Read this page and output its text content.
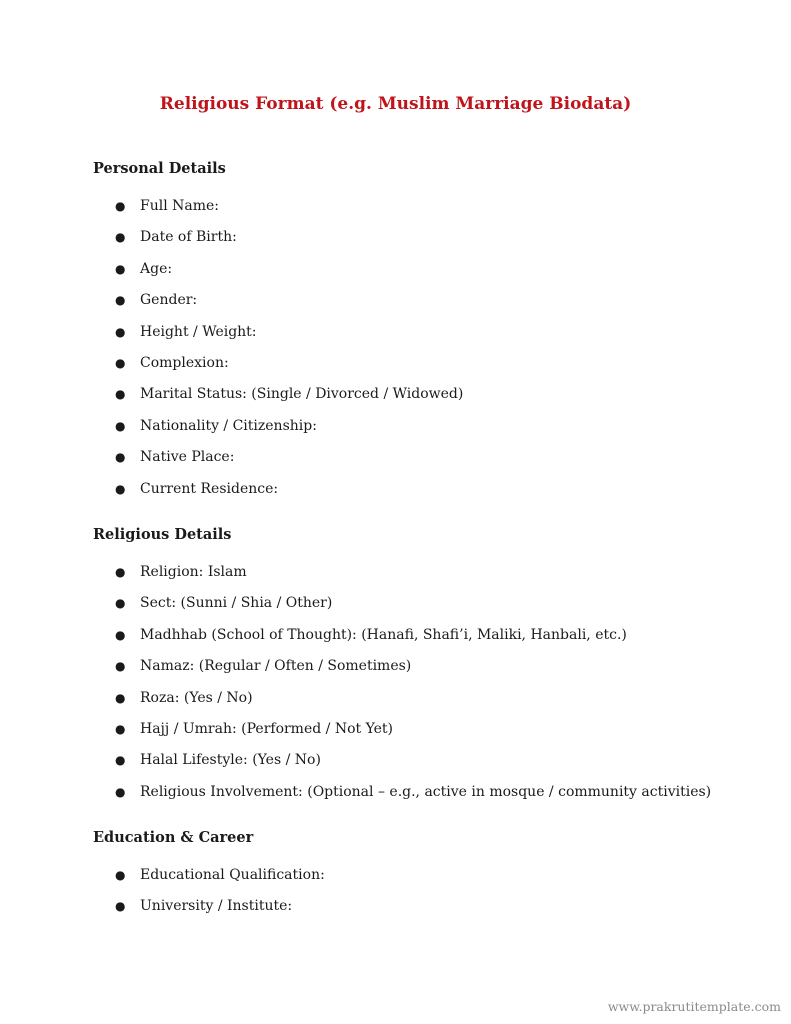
Religious Format (e.g. Muslim Marriage Biodata)
Personal Details
● Full Name:
● Date of Birth:
● Age:
● Gender:
● Height / Weight:
● Complexion:
● Marital Status: (Single / Divorced / Widowed)
● Nationality / Citizenship:
● Native Place:
● Current Residence:
Religious Details
● Religion: Islam
● Sect: (Sunni / Shia / Other)
● Madhhab (School of Thought): (Hanafi, Shafi’i, Maliki, Hanbali, etc.)
● Namaz: (Regular / Often / Sometimes)
● Roza: (Yes / No)
● Hajj / Umrah: (Performed / Not Yet)
● Halal Lifestyle: (Yes / No)
● Religious Involvement: (Optional – e.g., active in mosque / community activities)
Education & Career
● Educational Qualification:
● University / Institute:
www.prakrutitemplate.com
